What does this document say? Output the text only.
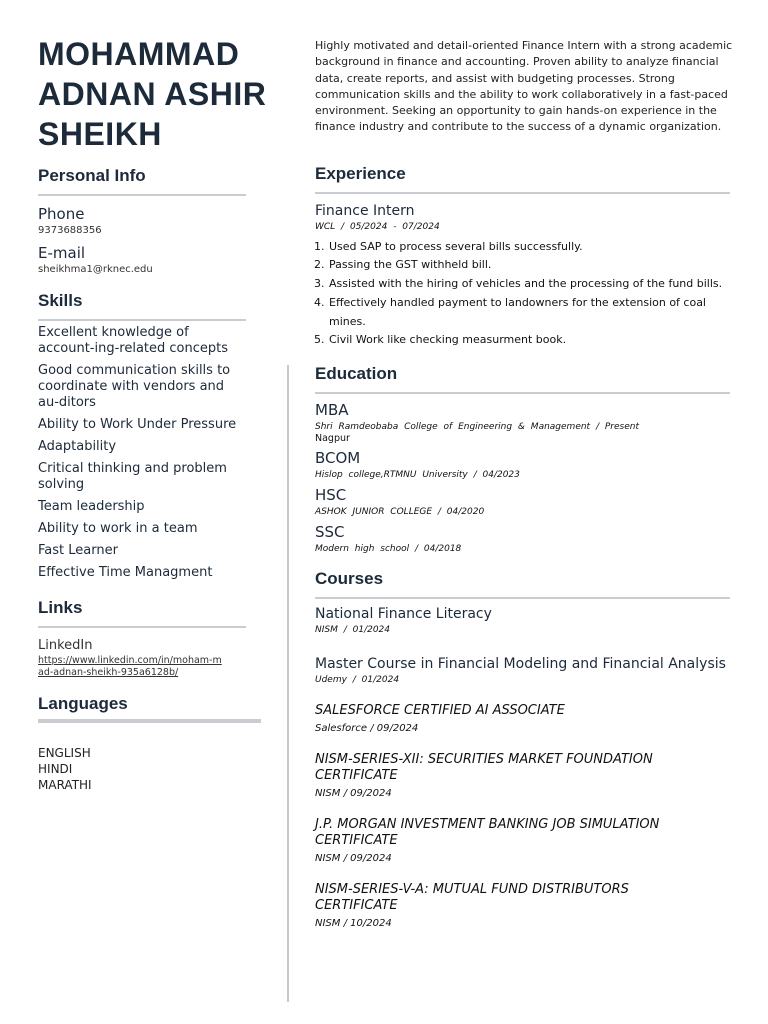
MOHAMMAD
ADNAN ASHIR
SHEIKH
Personal Info
Phone
9373688356
E-mail
sheikhma1@rknec.edu
Skills
Excellent knowledge of account-ing-related concepts
Good communication skills to coordinate with vendors and au-ditors
Ability to Work Under Pressure
Adaptability
Critical thinking and problem solving
Team leadership
Ability to work in a team
Fast Learner
Effective Time Managment
Links
LinkedIn
https://www.linkedin.com/in/moham-mad-adnan-sheikh-935a6128b/
Languages
ENGLISH
HINDI
MARATHI

Highly motivated and detail-oriented Finance Intern with a strong academic background in finance and accounting. Proven ability to analyze financial data, create reports, and assist with budgeting processes. Strong communication skills and the ability to work collaboratively in a fast-paced environment. Seeking an opportunity to gain hands-on experience in the finance industry and contribute to the success of a dynamic organization.

Experience
Finance Intern
WCL / 05/2024 - 07/2024
1. Used SAP to process several bills successfully.
2. Passing the GST withheld bill.
3. Assisted with the hiring of vehicles and the processing of the fund bills.
4. Effectively handled payment to landowners for the extension of coal mines.
5. Civil Work like checking measurment book.
Education
MBA
Shri Ramdeobaba College of Engineering & Management / Present
Nagpur
BCOM
Hislop college,RTMNU University / 04/2023
HSC
ASHOK JUNIOR COLLEGE / 04/2020
SSC
Modern high school / 04/2018
Courses
National Finance Literacy
NISM / 01/2024
Master Course in Financial Modeling and Financial Analysis
Udemy / 01/2024
SALESFORCE CERTIFIED AI ASSOCIATE
Salesforce / 09/2024
NISM-SERIES-XII: SECURITIES MARKET FOUNDATION CERTIFICATE
NISM / 09/2024
J.P. MORGAN INVESTMENT BANKING JOB SIMULATION CERTIFICATE
NISM / 09/2024
NISM-SERIES-V-A: MUTUAL FUND DISTRIBUTORS CERTIFICATE
NISM / 10/2024
